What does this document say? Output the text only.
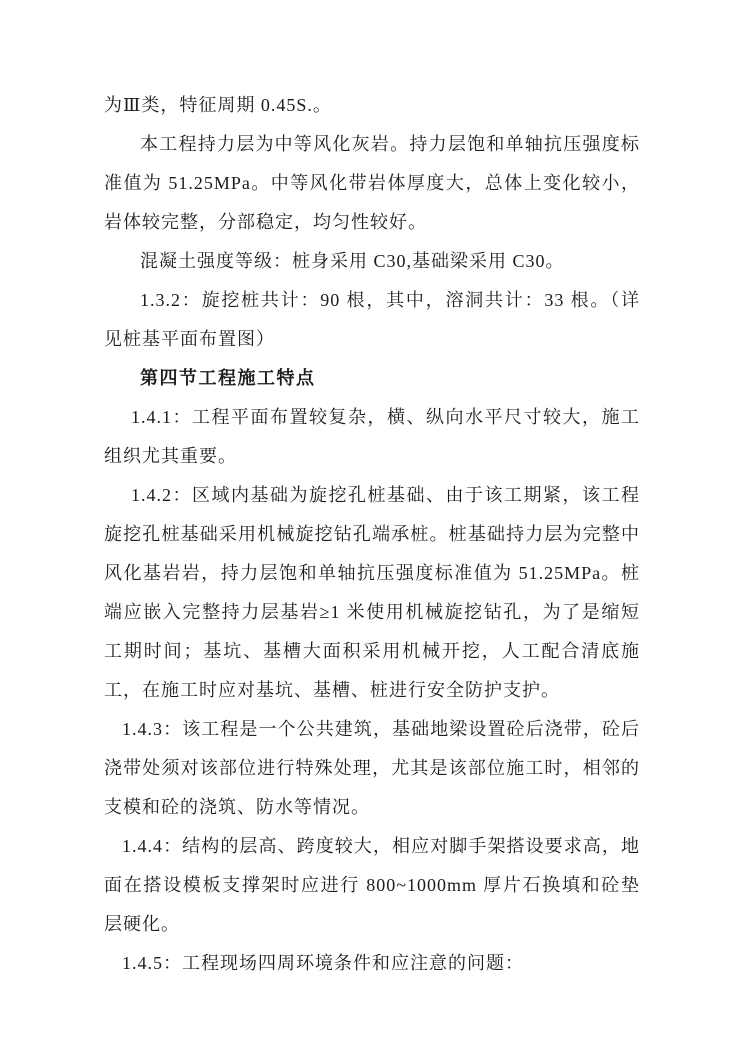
为Ⅲ类，特征周期 0.45S.。

本工程持力层为中等风化灰岩。持力层饱和单轴抗压强度标准值为 51.25MPa。中等风化带岩体厚度大，总体上变化较小，岩体较完整，分部稳定，均匀性较好。

混凝土强度等级：桩身采用 C30,基础梁采用 C30。

1.3.2：旋挖桩共计：90 根，其中，溶洞共计：33 根。（详见桩基平面布置图）

第四节工程施工特点

1.4.1：工程平面布置较复杂，横、纵向水平尺寸较大，施工组织尤其重要。

1.4.2：区域内基础为旋挖孔桩基础、由于该工期紧，该工程旋挖孔桩基础采用机械旋挖钻孔端承桩。桩基础持力层为完整中风化基岩岩，持力层饱和单轴抗压强度标准值为 51.25MPa。桩端应嵌入完整持力层基岩≥1 米使用机械旋挖钻孔，为了是缩短工期时间；基坑、基槽大面积采用机械开挖，人工配合清底施工，在施工时应对基坑、基槽、桩进行安全防护支护。

1.4.3：该工程是一个公共建筑，基础地梁设置砼后浇带，砼后浇带处须对该部位进行特殊处理，尤其是该部位施工时，相邻的支模和砼的浇筑、防水等情况。

1.4.4：结构的层高、跨度较大，相应对脚手架搭设要求高，地面在搭设模板支撑架时应进行 800~1000mm 厚片石换填和砼垫层硬化。

1.4.5：工程现场四周环境条件和应注意的问题：
